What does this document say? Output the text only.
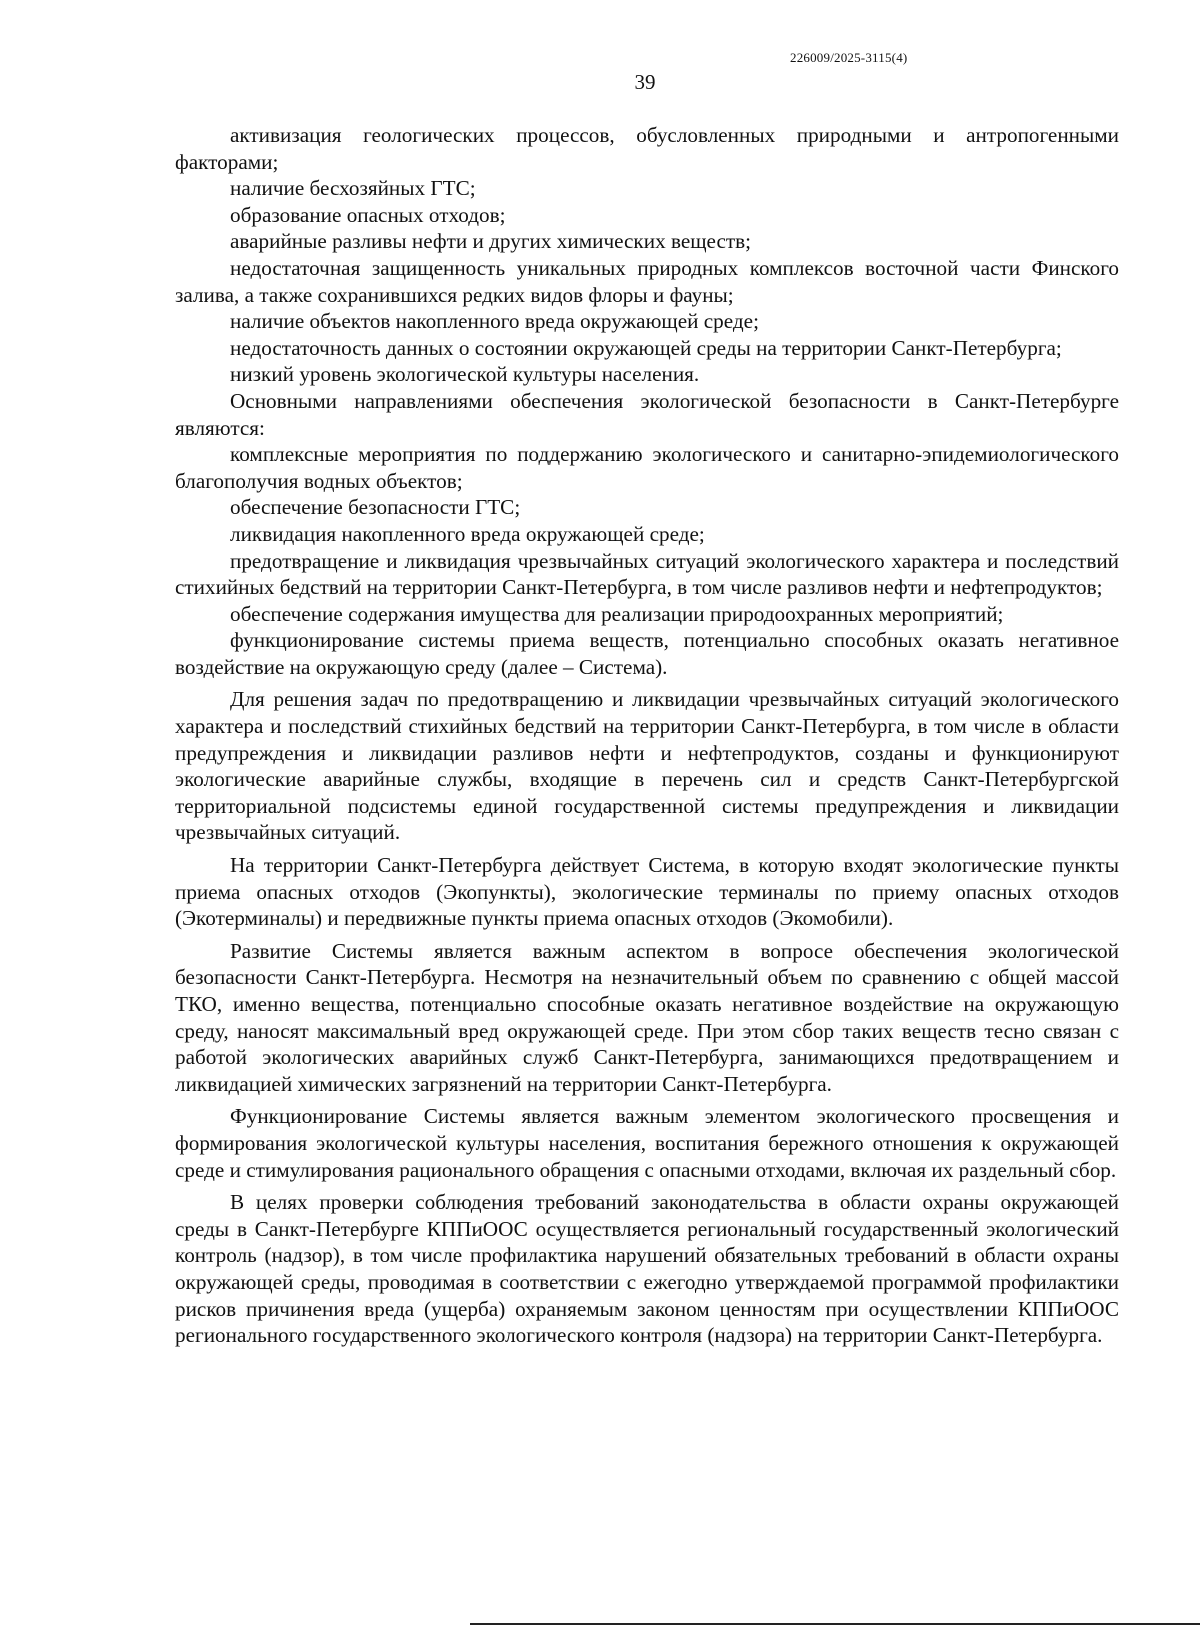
226009/2025-3115(4)
39

активизация геологических процессов, обусловленных природными и антропогенными факторами;

наличие бесхозяйных ГТС;

образование опасных отходов;

аварийные разливы нефти и других химических веществ;

недостаточная защищенность уникальных природных комплексов восточной части Финского залива, а также сохранившихся редких видов флоры и фауны;

наличие объектов накопленного вреда окружающей среде;

недостаточность данных о состоянии окружающей среды на территории Санкт-Петербурга;

низкий уровень экологической культуры населения.

Основными направлениями обеспечения экологической безопасности в Санкт-Петербурге являются:

комплексные мероприятия по поддержанию экологического и санитарно-эпидемиологического благополучия водных объектов;

обеспечение безопасности ГТС;

ликвидация накопленного вреда окружающей среде;

предотвращение и ликвидация чрезвычайных ситуаций экологического характера и последствий стихийных бедствий на территории Санкт-Петербурга, в том числе разливов нефти и нефтепродуктов;

обеспечение содержания имущества для реализации природоохранных мероприятий;

функционирование системы приема веществ, потенциально способных оказать негативное воздействие на окружающую среду (далее – Система).

Для решения задач по предотвращению и ликвидации чрезвычайных ситуаций экологического характера и последствий стихийных бедствий на территории Санкт-Петербурга, в том числе в области предупреждения и ликвидации разливов нефти и нефтепродуктов, созданы и функционируют экологические аварийные службы, входящие в перечень сил и средств Санкт-Петербургской территориальной подсистемы единой государственной системы предупреждения и ликвидации чрезвычайных ситуаций.

На территории Санкт-Петербурга действует Система, в которую входят экологические пункты приема опасных отходов (Экопункты), экологические терминалы по приему опасных отходов (Экотерминалы) и передвижные пункты приема опасных отходов (Экомобили).

Развитие Системы является важным аспектом в вопросе обеспечения экологической безопасности Санкт-Петербурга. Несмотря на незначительный объем по сравнению с общей массой ТКО, именно вещества, потенциально способные оказать негативное воздействие на окружающую среду, наносят максимальный вред окружающей среде. При этом сбор таких веществ тесно связан с работой экологических аварийных служб Санкт-Петербурга, занимающихся предотвращением и ликвидацией химических загрязнений на территории Санкт-Петербурга.

Функционирование Системы является важным элементом экологического просвещения и формирования экологической культуры населения, воспитания бережного отношения к окружающей среде и стимулирования рационального обращения с опасными отходами, включая их раздельный сбор.

В целях проверки соблюдения требований законодательства в области охраны окружающей среды в Санкт-Петербурге КППиООС осуществляется региональный государственный экологический контроль (надзор), в том числе профилактика нарушений обязательных требований в области охраны окружающей среды, проводимая в соответствии с ежегодно утверждаемой программой профилактики рисков причинения вреда (ущерба) охраняемым законом ценностям при осуществлении КППиООС регионального государственного экологического контроля (надзора) на территории Санкт-Петербурга.
